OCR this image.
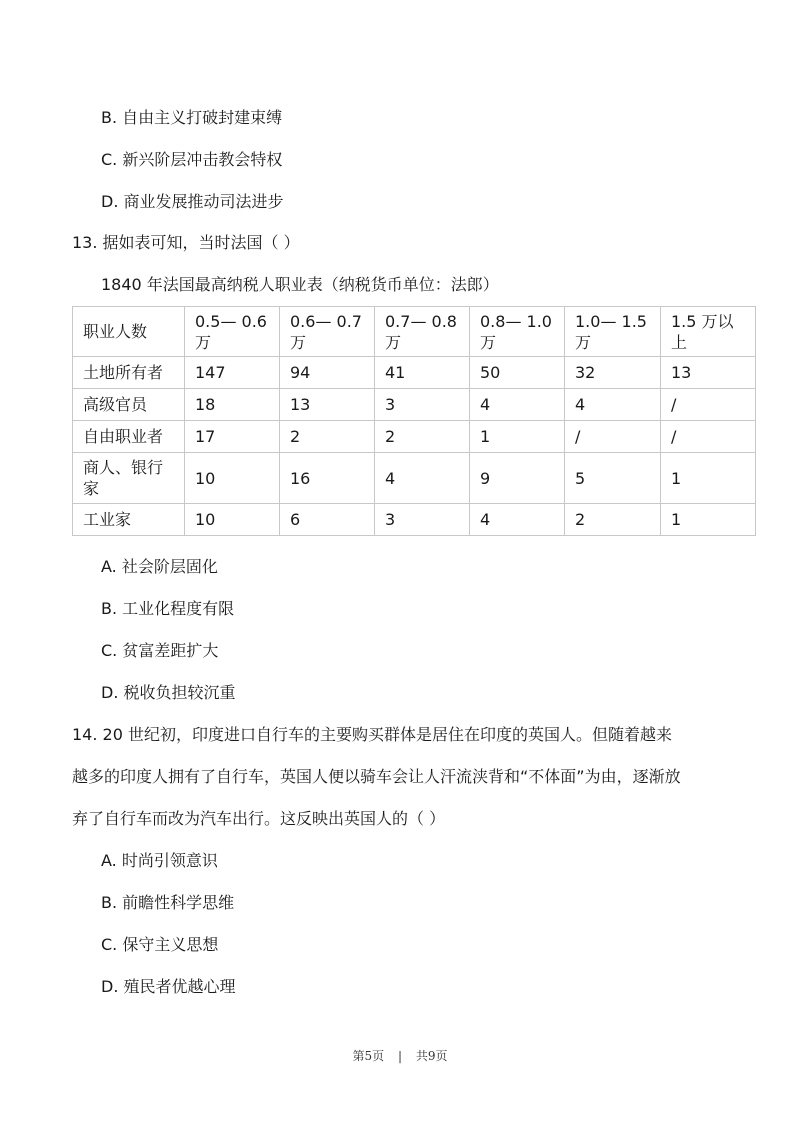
B. 自由主义打破封建束缚
C. 新兴阶层冲击教会特权
D. 商业发展推动司法进步
13. 据如表可知，当时法国（ ）
1840 年法国最高纳税人职业表（纳税货币单位：法郎）
职业人数	0.5— 0.6 万	0.6— 0.7 万	0.7— 0.8 万	0.8— 1.0 万	1.0— 1.5 万	1.5 万以上
土地所有者	147	94	41	50	32	13
高级官员	18	13	3	4	4	/
自由职业者	17	2	2	1	/	/
商人、银行家	10	16	4	9	5	1
工业家	10	6	3	4	2	1
A. 社会阶层固化
B. 工业化程度有限
C. 贫富差距扩大
D. 税收负担较沉重
14. 20 世纪初，印度进口自行车的主要购买群体是居住在印度的英国人。但随着越来
越多的印度人拥有了自行车，英国人便以骑车会让人汗流浃背和“不体面”为由，逐渐放
弃了自行车而改为汽车出行。这反映出英国人的（ ）
A. 时尚引领意识
B. 前瞻性科学思维
C. 保守主义思想
D. 殖民者优越心理
第5页 | 共9页
